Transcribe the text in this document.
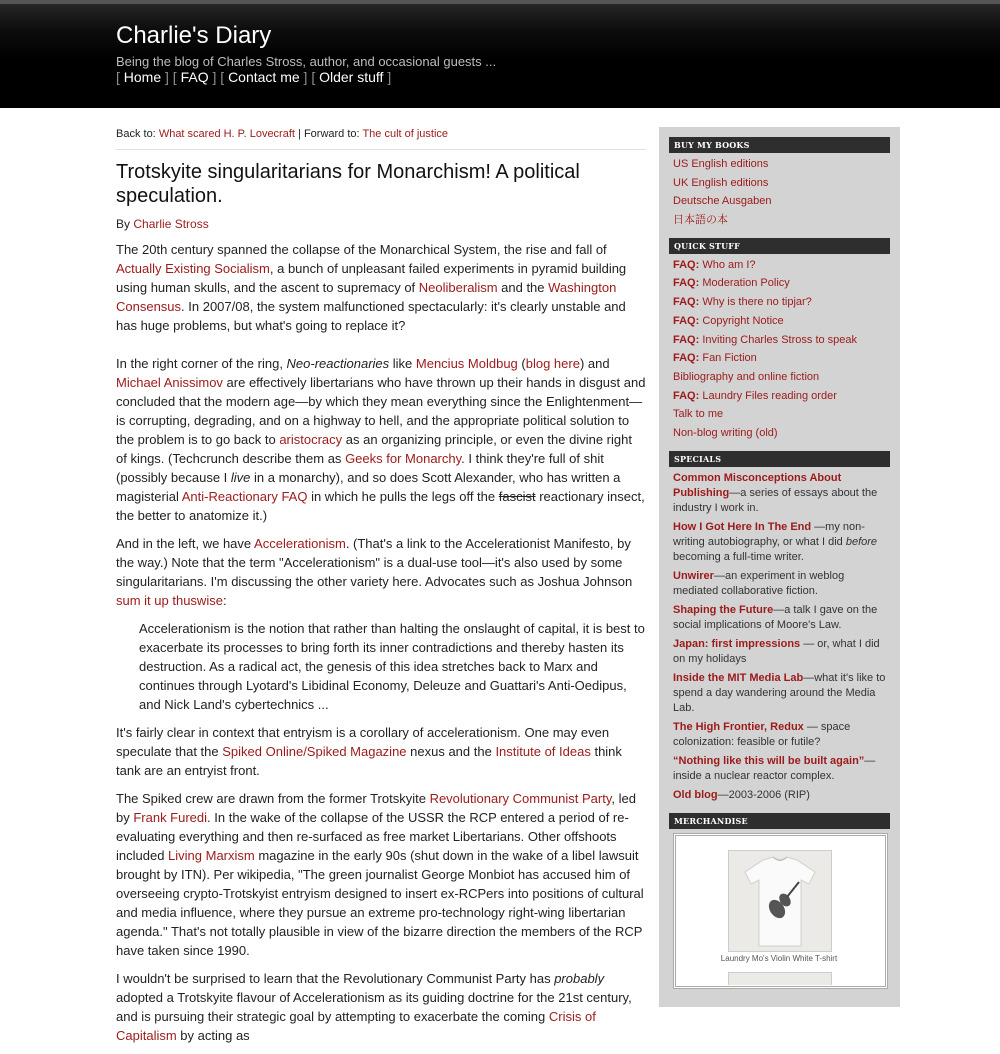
Charlie's Diary
Being the blog of Charles Stross, author, and occasional guests ...
[ Home ] [ FAQ ] [ Contact me ] [ Older stuff ]
Back to: What scared H. P. Lovecraft | Forward to: The cult of justice
Trotskyite singularitarians for Monarchism! A political speculation.
By Charlie Stross

The 20th century spanned the collapse of the Monarchical System, the rise and fall of Actually Existing Socialism, a bunch of unpleasant failed experiments in pyramid building using human skulls, and the ascent to supremacy of Neoliberalism and the Washington Consensus. In 2007/08, the system malfunctioned spectacularly: it's clearly unstable and has huge problems, but what's going to replace it?

In the right corner of the ring, Neo-reactionaries like Mencius Moldbug (blog here) and Michael Anissimov are effectively libertarians who have thrown up their hands in disgust and concluded that the modern age—by which they mean everything since the Enlightenment—is corrupting, degrading, and on a highway to hell, and the appropriate political solution to the problem is to go back to aristocracy as an organizing principle, or even the divine right of kings. (Techcrunch describe them as Geeks for Monarchy. I think they're full of shit (possibly because I live in a monarchy), and so does Scott Alexander, who has written a magisterial Anti-Reactionary FAQ in which he pulls the legs off the fascist reactionary insect, the better to anatomize it.)

And in the left, we have Accelerationism. (That's a link to the Accelerationist Manifesto, by the way.) Note that the term "Accelerationism" is a dual-use tool—it's also used by some singularitarians. I'm discussing the other variety here. Advocates such as Joshua Johnson sum it up thuswise:

Accelerationism is the notion that rather than halting the onslaught of capital, it is best to exacerbate its processes to bring forth its inner contradictions and thereby hasten its destruction. As a radical act, the genesis of this idea stretches back to Marx and continues through Lyotard's Libidinal Economy, Deleuze and Guattari's Anti-Oedipus, and Nick Land's cybertechnics ...

It's fairly clear in context that entryism is a corollary of accelerationism. One may even speculate that the Spiked Online/Spiked Magazine nexus and the Institute of Ideas think tank are an entryist front.

The Spiked crew are drawn from the former Trotskyite Revolutionary Communist Party, led by Frank Furedi. In the wake of the collapse of the USSR the RCP entered a period of re-evaluating everything and then re-surfaced as free market Libertarians. Other offshoots included Living Marxism magazine in the early 90s (shut down in the wake of a libel lawsuit brought by ITN). Per wikipedia, "The green journalist George Monbiot has accused him of overseeing crypto-Trotskyist entryism designed to insert ex-RCPers into positions of cultural and media influence, where they pursue an extreme pro-technology right-wing libertarian agenda." That's not totally plausible in view of the bizarre direction the members of the RCP have taken since 1990.

I wouldn't be surprised to learn that the Revolutionary Communist Party has probably adopted a Trotskyite flavour of Accelerationism as its guiding doctrine for the 21st century, and is pursuing their strategic goal by attempting to exacerbate the coming Crisis of Capitalism by acting as

BUY MY BOOKS
US English editions
UK English editions
Deutsche Ausgaben
日本語の本
QUICK STUFF
FAQ: Who am I?
FAQ: Moderation Policy
FAQ: Why is there no tipjar?
FAQ: Copyright Notice
FAQ: Inviting Charles Stross to speak
FAQ: Fan Fiction
Bibliography and online fiction
FAQ: Laundry Files reading order
Talk to me
Non-blog writing (old)
SPECIALS
Common Misconceptions About Publishing—a series of essays about the industry I work in.
How I Got Here In The End —my non-writing autobiography, or what I did before becoming a full-time writer.
Unwirer—an experiment in weblog mediated collaborative fiction.
Shaping the Future—a talk I gave on the social implications of Moore's Law.
Japan: first impressions — or, what I did on my holidays
Inside the MIT Media Lab—what it's like to spend a day wandering around the Media Lab.
The High Frontier, Redux — space colonization: feasible or futile?
“Nothing like this will be built again”—inside a nuclear reactor complex.
Old blog—2003-2006 (RIP)
MERCHANDISE
Laundry Mo's Violin White T-shirt
